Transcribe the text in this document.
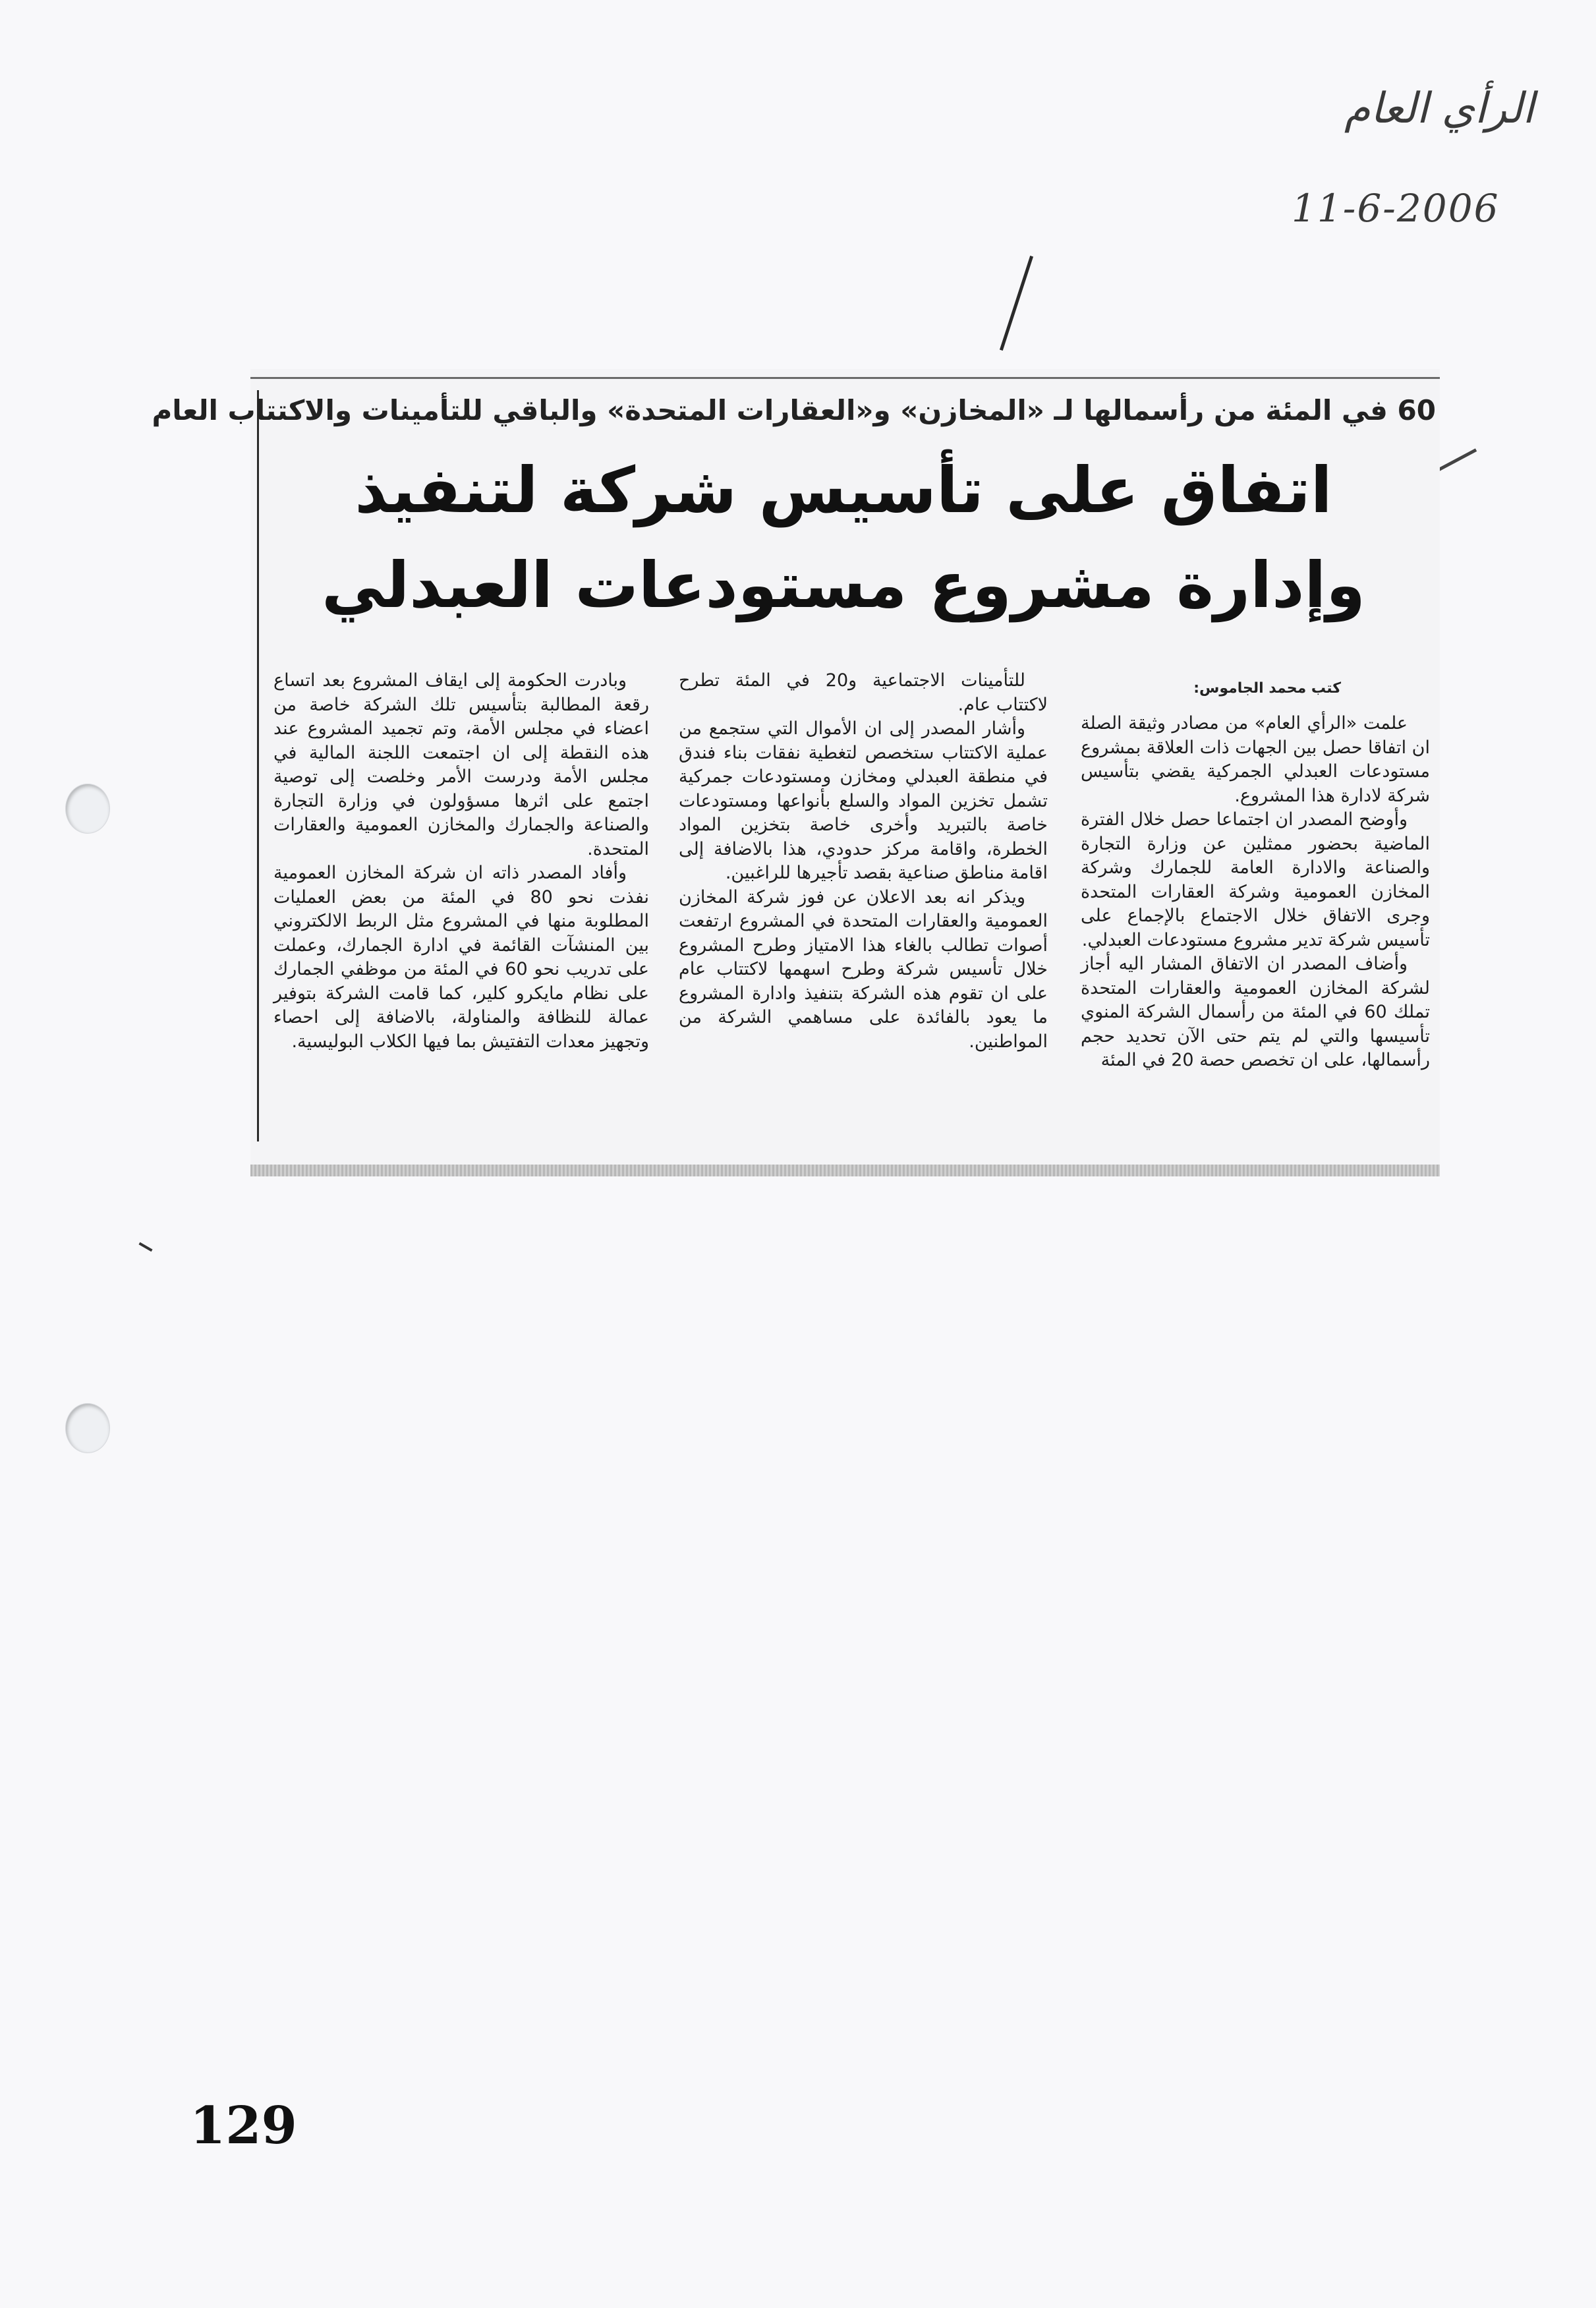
الرأي العام
11-6-2006
60 في المئة من رأسمالها لـ «المخازن» و«العقارات المتحدة» والباقي للتأمينات والاكتتاب العام
اتفاق على تأسيس شركة لتنفيذ
وإدارة مشروع مستودعات العبدلي
كتب محمد الجاموس:

علمت «الرأي العام» من مصادر وثيقة الصلة ان اتفاقا حصل بين الجهات ذات العلاقة بمشروع مستودعات العبدلي الجمركية يقضي بتأسيس شركة لادارة هذا المشروع.

وأوضح المصدر ان اجتماعا حصل خلال الفترة الماضية بحضور ممثلين عن وزارة التجارة والصناعة والادارة العامة للجمارك وشركة المخازن العمومية وشركة العقارات المتحدة وجرى الاتفاق خلال الاجتماع بالإجماع على تأسيس شركة تدير مشروع مستودعات العبدلي.

وأضاف المصدر ان الاتفاق المشار اليه أجاز لشركة المخازن العمومية والعقارات المتحدة تملك 60 في المئة من رأسمال الشركة المنوي تأسيسها والتي لم يتم حتى الآن تحديد حجم رأسمالها، على ان تخصص حصة 20 في المئة

للتأمينات الاجتماعية و20 في المئة تطرح لاكتتاب عام.

وأشار المصدر إلى ان الأموال التي ستجمع من عملية الاكتتاب ستخصص لتغطية نفقات بناء فندق في منطقة العبدلي ومخازن ومستودعات جمركية تشمل تخزين المواد والسلع بأنواعها ومستودعات خاصة بالتبريد وأخرى خاصة بتخزين المواد الخطرة، واقامة مركز حدودي، هذا بالاضافة إلى اقامة مناطق صناعية بقصد تأجيرها للراغبين.

ويذكر انه بعد الاعلان عن فوز شركة المخازن العمومية والعقارات المتحدة في المشروع ارتفعت أصوات تطالب بالغاء هذا الامتياز وطرح المشروع خلال تأسيس شركة وطرح اسهمها لاكتتاب عام على ان تقوم هذه الشركة بتنفيذ وادارة المشروع ما يعود بالفائدة على مساهمي الشركة من المواطنين.

وبادرت الحكومة إلى ايقاف المشروع بعد اتساع رقعة المطالبة بتأسيس تلك الشركة خاصة من اعضاء في مجلس الأمة، وتم تجميد المشروع عند هذه النقطة إلى ان اجتمعت اللجنة المالية في مجلس الأمة ودرست الأمر وخلصت إلى توصية اجتمع على اثرها مسؤولون في وزارة التجارة والصناعة والجمارك والمخازن العمومية والعقارات المتحدة.

وأفاد المصدر ذاته ان شركة المخازن العمومية نفذت نحو 80 في المئة من بعض العمليات المطلوبة منها في المشروع مثل الربط الالكتروني بين المنشآت القائمة في ادارة الجمارك، وعملت على تدريب نحو 60 في المئة من موظفي الجمارك على نظام مايكرو كلير، كما قامت الشركة بتوفير عمالة للنظافة والمناولة، بالاضافة إلى احصاء وتجهيز معدات التفتيش بما فيها الكلاب البوليسية.

129
